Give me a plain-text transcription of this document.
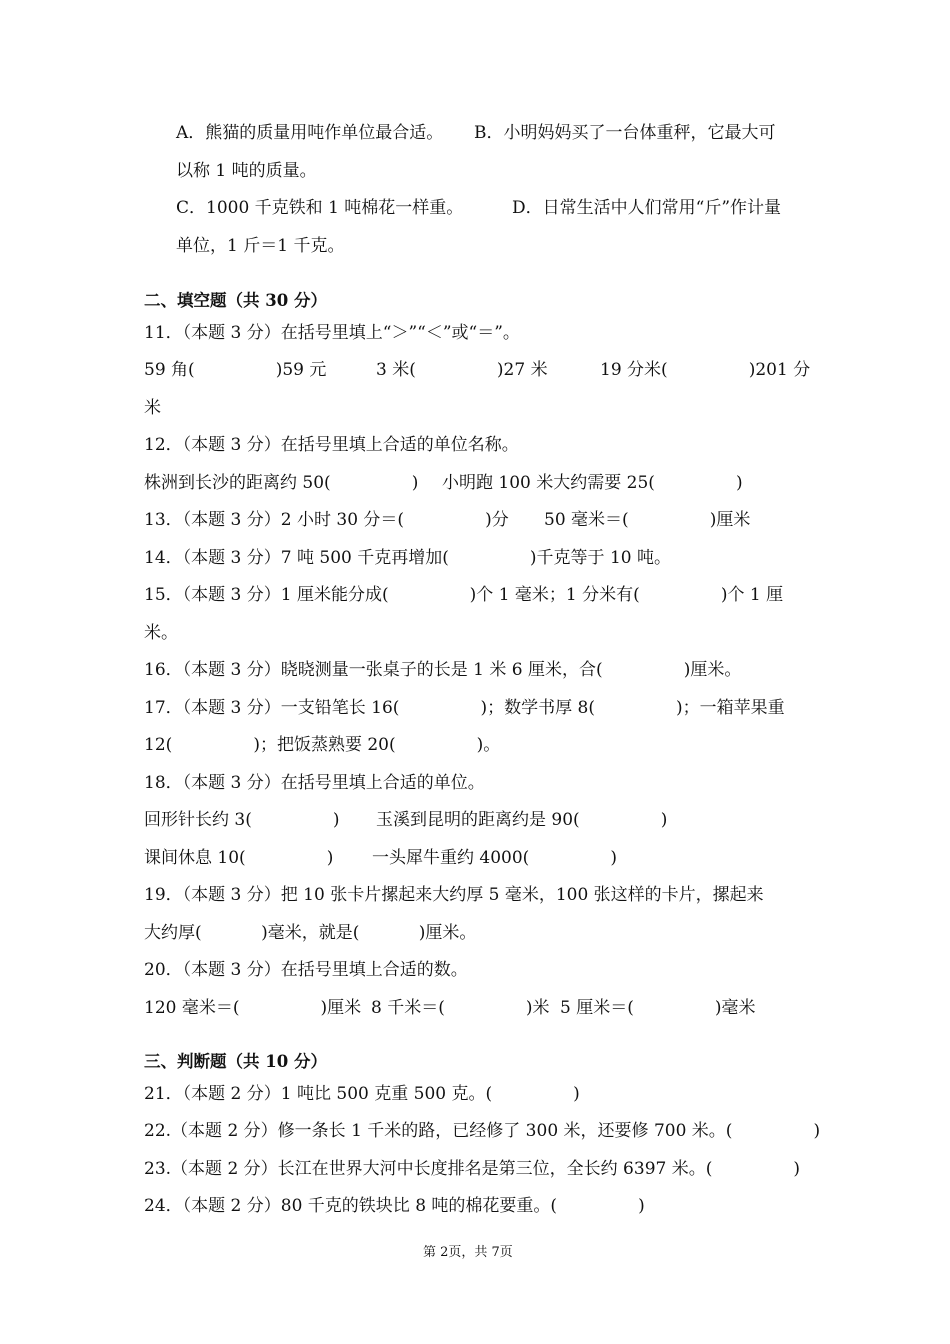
A．熊猫的质量用吨作单位最合适。 B．小明妈妈买了一台体重秤，它最大可
以称 1 吨的质量。
C．1000 千克铁和 1 吨棉花一样重。	D．日常生活中人们常用“斤”作计量
单位，1 斤＝1 千克。
二、填空题（共 30 分）
11．（本题 3 分）在括号里填上“＞”“＜”或“＝”。
59 角(               )59 元	3 米(               )27 米	19 分米(               )201 分
米
12．（本题 3 分）在括号里填上合适的单位名称。
株洲到长沙的距离约 50(               ) 小明跑 100 米大约需要 25(               )
13．（本题 3 分）2 小时 30 分＝(               )分 50 毫米＝(               )厘米
14．（本题 3 分）7 吨 500 千克再增加(               )千克等于 10 吨。
15．（本题 3 分）1 厘米能分成(               )个 1 毫米；1 分米有(               )个 1 厘
米。
16．（本题 3 分）晓晓测量一张桌子的长是 1 米 6 厘米，合(               )厘米。
17．（本题 3 分）一支铅笔长 16(               )；数学书厚 8(               )；一箱苹果重
12(               )；把饭蒸熟要 20(               )。
18．（本题 3 分）在括号里填上合适的单位。
回形针长约 3(               ) 玉溪到昆明的距离约是 90(               )
课间休息 10(               ) 一头犀牛重约 4000(               )
19．（本题 3 分）把 10 张卡片摞起来大约厚 5 毫米，100 张这样的卡片，摞起来
大约厚(           )毫米，就是(           )厘米。
20．（本题 3 分）在括号里填上合适的数。
120 毫米＝(               )厘米 8 千米＝(               )米 5 厘米＝(               )毫米
三、判断题（共 10 分）
21．（本题 2 分）1 吨比 500 克重 500 克。(               )
22.（本题 2 分）修一条长 1 千米的路，已经修了 300 米，还要修 700 米。(               )
23.（本题 2 分）长江在世界大河中长度排名是第三位，全长约 6397 米。(               )
24．（本题 2 分）80 千克的铁块比 8 吨的棉花要重。(               )
第 2页，共 7页
